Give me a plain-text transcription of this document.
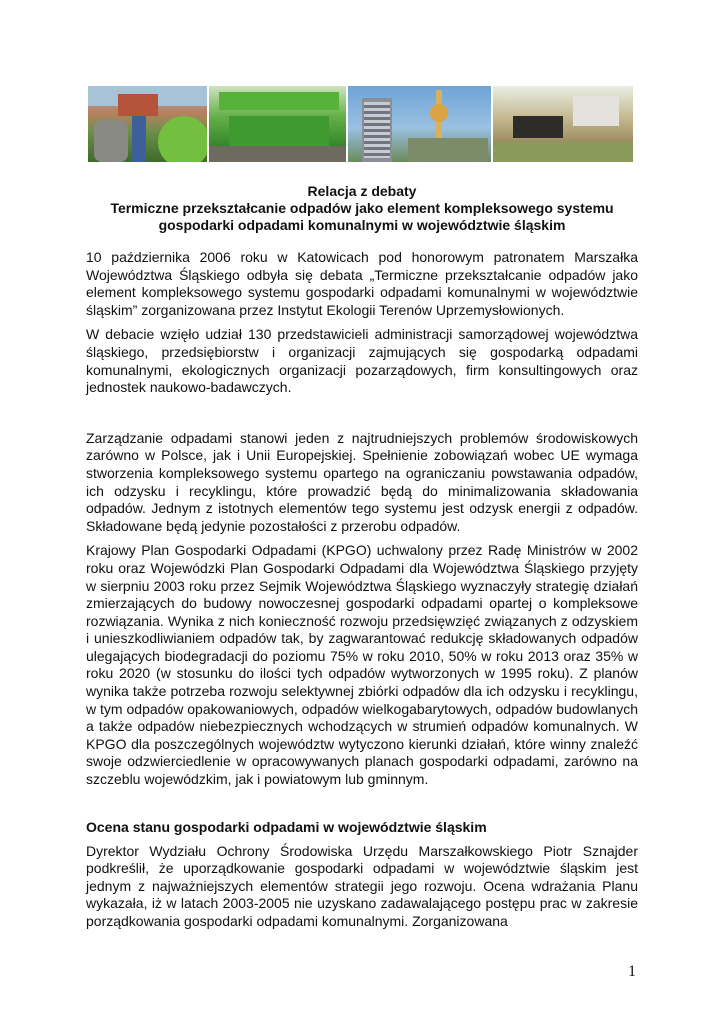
Relacja z debaty
Termiczne przekształcanie odpadów jako element kompleksowego systemu
gospodarki odpadami komunalnymi w województwie śląskim

10 października 2006 roku w Katowicach pod honorowym patronatem Marszałka Województwa Śląskiego odbyła się debata „Termiczne przekształcanie odpadów jako element kompleksowego systemu gospodarki odpadami komunalnymi w województwie śląskim” zorganizowana przez Instytut Ekologii Terenów Uprzemysłowionych.

W debacie wzięło udział 130 przedstawicieli administracji samorządowej województwa śląskiego, przedsiębiorstw i organizacji zajmujących się gospodarką odpadami komunalnymi, ekologicznych organizacji pozarządowych, firm konsultingowych oraz jednostek naukowo-badawczych.

Zarządzanie odpadami stanowi jeden z najtrudniejszych problemów środowiskowych zarówno w Polsce, jak i Unii Europejskiej. Spełnienie zobowiązań wobec UE wymaga stworzenia kompleksowego systemu opartego na ograniczaniu powstawania odpadów, ich odzysku i recyklingu, które prowadzić będą do minimalizowania składowania odpadów. Jednym z istotnych elementów tego systemu jest odzysk energii z odpadów. Składowane będą jedynie pozostałości z przerobu odpadów.

Krajowy Plan Gospodarki Odpadami (KPGO) uchwalony przez Radę Ministrów w 2002 roku oraz Wojewódzki Plan Gospodarki Odpadami dla Województwa Śląskiego przyjęty w sierpniu 2003 roku przez Sejmik Województwa Śląskiego wyznaczyły strategię działań zmierzających do budowy nowoczesnej gospodarki odpadami opartej o kompleksowe rozwiązania. Wynika z nich konieczność rozwoju przedsięwzięć związanych z odzyskiem i unieszkodliwianiem odpadów tak, by zagwarantować redukcję składowanych odpadów ulegających biodegradacji do poziomu 75% w roku 2010, 50% w roku 2013 oraz 35% w roku 2020 (w stosunku do ilości tych odpadów wytworzonych w 1995 roku). Z planów wynika także potrzeba rozwoju selektywnej zbiórki odpadów dla ich odzysku i recyklingu, w tym odpadów opakowaniowych, odpadów wielkogabarytowych, odpadów budowlanych a także odpadów niebezpiecznych wchodzących w strumień odpadów komunalnych. W KPGO dla poszczególnych województw wytyczono kierunki działań, które winny znaleźć swoje odzwierciedlenie w opracowywanych planach gospodarki odpadami, zarówno na szczeblu wojewódzkim, jak i powiatowym lub gminnym.

Ocena stanu gospodarki odpadami w województwie śląskim

Dyrektor Wydziału Ochrony Środowiska Urzędu Marszałkowskiego Piotr Sznajder podkreślił, że uporządkowanie gospodarki odpadami w województwie śląskim jest jednym z najważniejszych elementów strategii jego rozwoju. Ocena wdrażania Planu wykazała, iż w latach 2003-2005 nie uzyskano zadawalającego postępu prac w zakresie porządkowania gospodarki odpadami komunalnymi. Zorganizowana

1
